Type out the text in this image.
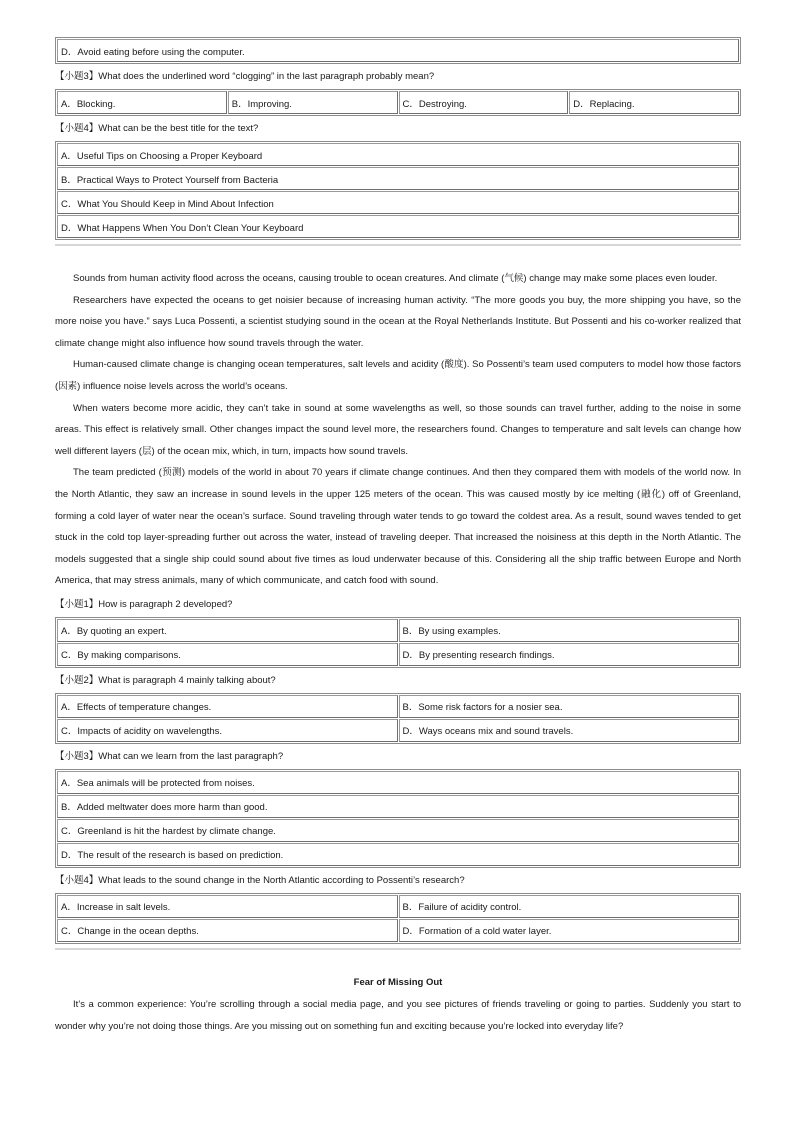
D．Avoid eating before using the computer.
【小题3】What does the underlined word “clogging” in the last paragraph probably mean?
A．Blocking.	B．Improving.	C．Destroying.	D．Replacing.
【小题4】What can be the best title for the text?
A．Useful Tips on Choosing a Proper Keyboard
B．Practical Ways to Protect Yourself from Bacteria
C．What You Should Keep in Mind About Infection
D．What Happens When You Don’t Clean Your Keyboard

Sounds from human activity flood across the oceans, causing trouble to ocean creatures. And climate (气候) change may make some places even louder.

Researchers have expected the oceans to get noisier because of increasing human activity. “The more goods you buy, the more shipping you have, so the more noise you have.” says Luca Possenti, a scientist studying sound in the ocean at the Royal Netherlands Institute. But Possenti and his co-worker realized that climate change might also influence how sound travels through the water.

Human-caused climate change is changing ocean temperatures, salt levels and acidity (酸度). So Possenti’s team used computers to model how those factors (因素) influence noise levels across the world’s oceans.

When waters become more acidic, they can’t take in sound at some wavelengths as well, so those sounds can travel further, adding to the noise in some areas. This effect is relatively small. Other changes impact the sound level more, the researchers found. Changes to temperature and salt levels can change how well different layers (层) of the ocean mix, which, in turn, impacts how sound travels.

The team predicted (预测) models of the world in about 70 years if climate change continues. And then they compared them with models of the world now. In the North Atlantic, they saw an increase in sound levels in the upper 125 meters of the ocean. This was caused mostly by ice melting (融化) off of Greenland, forming a cold layer of water near the ocean’s surface. Sound traveling through water tends to go toward the coldest area. As a result, sound waves tended to get stuck in the cold top layer-spreading further out across the water, instead of traveling deeper. That increased the noisiness at this depth in the North Atlantic. The models suggested that a single ship could sound about five times as loud underwater because of this. Considering all the ship traffic between Europe and North America, that may stress animals, many of which communicate, and catch food with sound.

【小题1】How is paragraph 2 developed?
A．By quoting an expert.	B．By using examples.
C．By making comparisons.	D．By presenting research findings.
【小题2】What is paragraph 4 mainly talking about?
A．Effects of temperature changes.	B．Some risk factors for a nosier sea.
C．Impacts of acidity on wavelengths.	D．Ways oceans mix and sound travels.
【小题3】What can we learn from the last paragraph?
A．Sea animals will be protected from noises.
B．Added meltwater does more harm than good.
C．Greenland is hit the hardest by climate change.
D．The result of the research is based on prediction.
【小题4】What leads to the sound change in the North Atlantic according to Possenti’s research?
A．Increase in salt levels.	B．Failure of acidity control.
C．Change in the ocean depths.	D．Formation of a cold water layer.
Fear of Missing Out

It’s a common experience: You’re scrolling through a social media page, and you see pictures of friends traveling or going to parties. Suddenly you start to wonder why you’re not doing those things. Are you missing out on something fun and exciting because you’re locked into everyday life?
